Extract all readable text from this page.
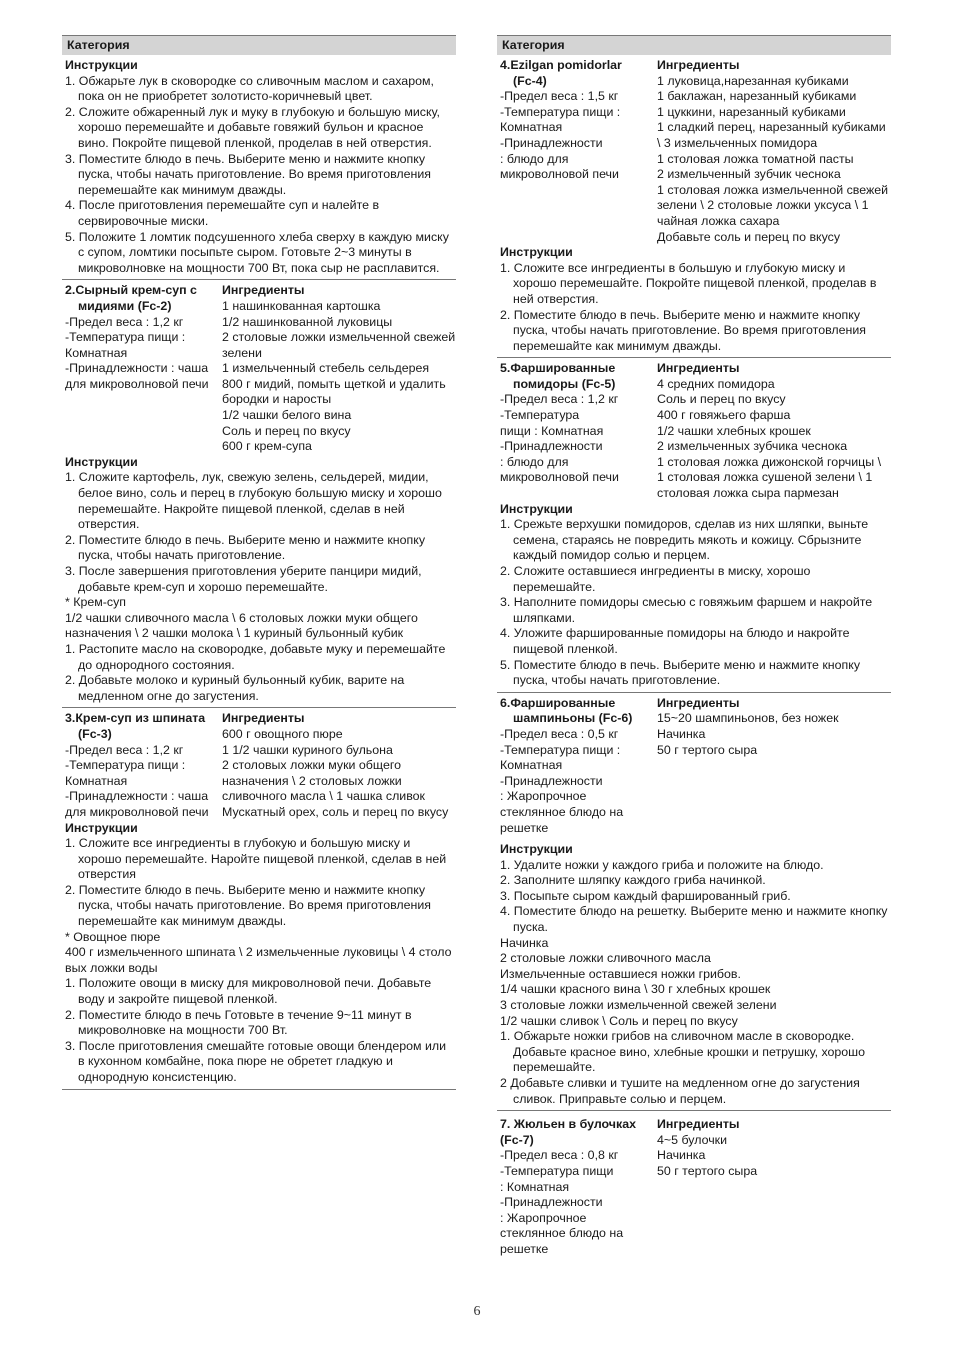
Категория
Инструкции
1. Обжарьте лук в сковородке со сливочным маслом и сахаром, пока он не приобретет золотисто-коричневый цвет.
2. Сложите обжаренный лук и муку в глубокую и большую миску, хорошо перемешайте и добавьте говяжий бульон и красное вино. Покройте пищевой пленкой, проделав в ней отверстия.
3. Поместите блюдо в печь. Выберите меню и нажмите кнопку пуска, чтобы начать приготовление. Во время приготовления перемешайте как минимум дважды.
4. После приготовления перемешайте суп и налейте в сервировочные миски.
5. Положите 1 ломтик подсушенного хлеба сверху в каждую миску с супом, ломтики посыпьте сыром. Готовьте 2~3 минуты в микроволновке на мощности 700 Вт, пока сыр не расплавится.
2.Сырный крем-суп с
мидиями (Fc-2)
-Предел веса : 1,2 кг
-Температура пищи :
Комнатная
-Принадлежности : чаша для микроволновой печи
Ингредиенты
1 нашинкованная картошка
1/2 нашинкованной луковицы
2 столовые ложки измельченной свежей зелени
1 измельченный стебель сельдерея
800 г мидий, помыть щеткой и удалить бородки и наросты
1/2 чашки белого вина
Соль и перец по вкусу
600 г крем-супа
Инструкции
1. Сложите картофель, лук, свежую зелень, сельдерей, мидии, белое вино, соль и перец в глубокую большую миску и хорошо перемешайте. Накройте пищевой пленкой, сделав в ней отверстия.
2. Поместите блюдо в печь. Выберите меню и нажмите кнопку пуска, чтобы начать приготовление.
3. После завершения приготовления уберите панцири мидий, добавьте крем-суп и хорошо перемешайте.
* Крем-суп
1/2 чашки сливочного масла \ 6 столовых ложки муки общего назначения \ 2 чашки молока \ 1 куриный бульонный кубик
1. Растопите масло на сковородке, добавьте муку и перемешайте до однородного состояния.
2. Добавьте молоко и куриный бульонный кубик, варите на медленном огне до загустения.
3.Крем-суп из шпината
(Fc-3)
-Предел веса : 1,2 кг
-Температура пищи :
Комнатная
-Принадлежности : чаша для микроволновой печи
Ингредиенты
600 г овощного пюре
1 1/2 чашки куриного бульона
2 столовых ложки муки общего назначения \ 2 столовых ложки сливочного масла \ 1 чашка сливок
Мускатный орех, соль и перец по вкусу
Инструкции
1. Сложите все ингредиенты в глубокую и большую миску и хорошо перемешайте. Наройте пищевой пленкой, сделав в ней отверстия
2. Поместите блюдо в печь. Выберите меню и нажмите кнопку пуска, чтобы начать приготовление. Во время приготовления перемешайте как минимум дважды.
* Овощное пюре
400 г измельченного шпината \ 2 измельченные луковицы \ 4 столо вых ложки воды
1. Положите овощи в миску для микроволновой печи. Добавьте воду и закройте пищевой пленкой.
2. Поместите блюдо в печь Готовьте в течение 9~11 минут в микроволновке на мощности 700 Вт.
3. После приготовления смешайте готовые овощи блендером или в кухонном комбайне, пока пюре не обретет гладкую и однородную консистенцию.
Категория
4.Ezilgan pomidorlar
(Fc-4)
-Предел веса : 1,5 кг
-Температура пищи :
Комнатная
-Принадлежности
: блюдо для
микроволновой печи
Ингредиенты
1 луковица,нарезанная кубиками
1 баклажан, нарезанный кубиками
1 цуккини, нарезанный кубиками
1 сладкий перец, нарезанный кубиками \ 3 измельченных помидора
1 столовая ложка томатной пасты
2 измельченный зубчик чеснока
1 столовая ложка измельченной свежей зелени \ 2 столовые ложки уксуса \ 1 чайная ложка сахара
Добавьте соль и перец по вкусу
Инструкции
1. Сложите все ингредиенты в большую и глубокую миску и хорошо перемешайте. Покройте пищевой пленкой, проделав в ней отверстия.
2. Поместите блюдо в печь. Выберите меню и нажмите кнопку пуска, чтобы начать приготовление. Во время приготовления перемешайте как минимум дважды.
5.Фаршированные
помидоры (Fc-5)
-Предел веса : 1,2 кг
-Температура
пищи : Комнатная
-Принадлежности
: блюдо для
микроволновой печи
Ингредиенты
4 средних помидора
Соль и перец по вкусу
400 г говяжьего фарша
1/2 чашки хлебных крошек
2 измельченных зубчика чеснока
1 столовая ложка дижонской горчицы \ 1 столовая ложка сушеной зелени \ 1 столовая ложка сыра пармезан
Инструкции
1. Срежьте верхушки помидоров, сделав из них шляпки, выньте семена, стараясь не повредить мякоть и кожицу. Сбрызните каждый помидор солью и перцем.
2. Сложите оставшиеся ингредиенты в миску, хорошо перемешайте.
3. Наполните помидоры смесью с говяжьим фаршем и накройте шляпками.
4. Уложите фаршированные помидоры на блюдо и накройте пищевой пленкой.
5. Поместите блюдо в печь. Выберите меню и нажмите кнопку пуска, чтобы начать приготовление.
6.Фаршированные
шампиньоны (Fc-6)
-Предел веса : 0,5 кг
-Температура пищи :
Комнатная
-Принадлежности
: Жаропрочное
стеклянное блюдо на
решетке
Ингредиенты
15~20 шампиньонов, без ножек
Начинка
50 г тертого сыра
Инструкции
1. Удалите ножки у каждого гриба и положите на блюдо.
2. Заполните шляпку каждого гриба начинкой.
3. Посыпьте сыром каждый фаршированный гриб.
4. Поместите блюдо на решетку. Выберите меню и нажмите кнопку пуска.
Начинка
2 столовые ложки сливочного масла
Измельченные оставшиеся ножки грибов.
1/4 чашки красного вина \ 30 г хлебных крошек
3 столовые ложки измельченной свежей зелени
1/2 чашки сливок \ Соль и перец по вкусу
1. Обжарьте ножки грибов на сливочном масле в сковородке. Добавьте красное вино, хлебные крошки и петрушку, хорошо перемешайте.
2 Добавьте сливки и тушите на медленном огне до загустения сливок. Приправьте солью и перцем.
7. Жюльен в булочках
(Fc-7)
-Предел веса : 0,8 кг
-Температура пищи
: Комнатная
-Принадлежности
: Жаропрочное
стеклянное блюдо на
решетке
Ингредиенты
4~5 булочки
Начинка
50 г тертого сыра
6
